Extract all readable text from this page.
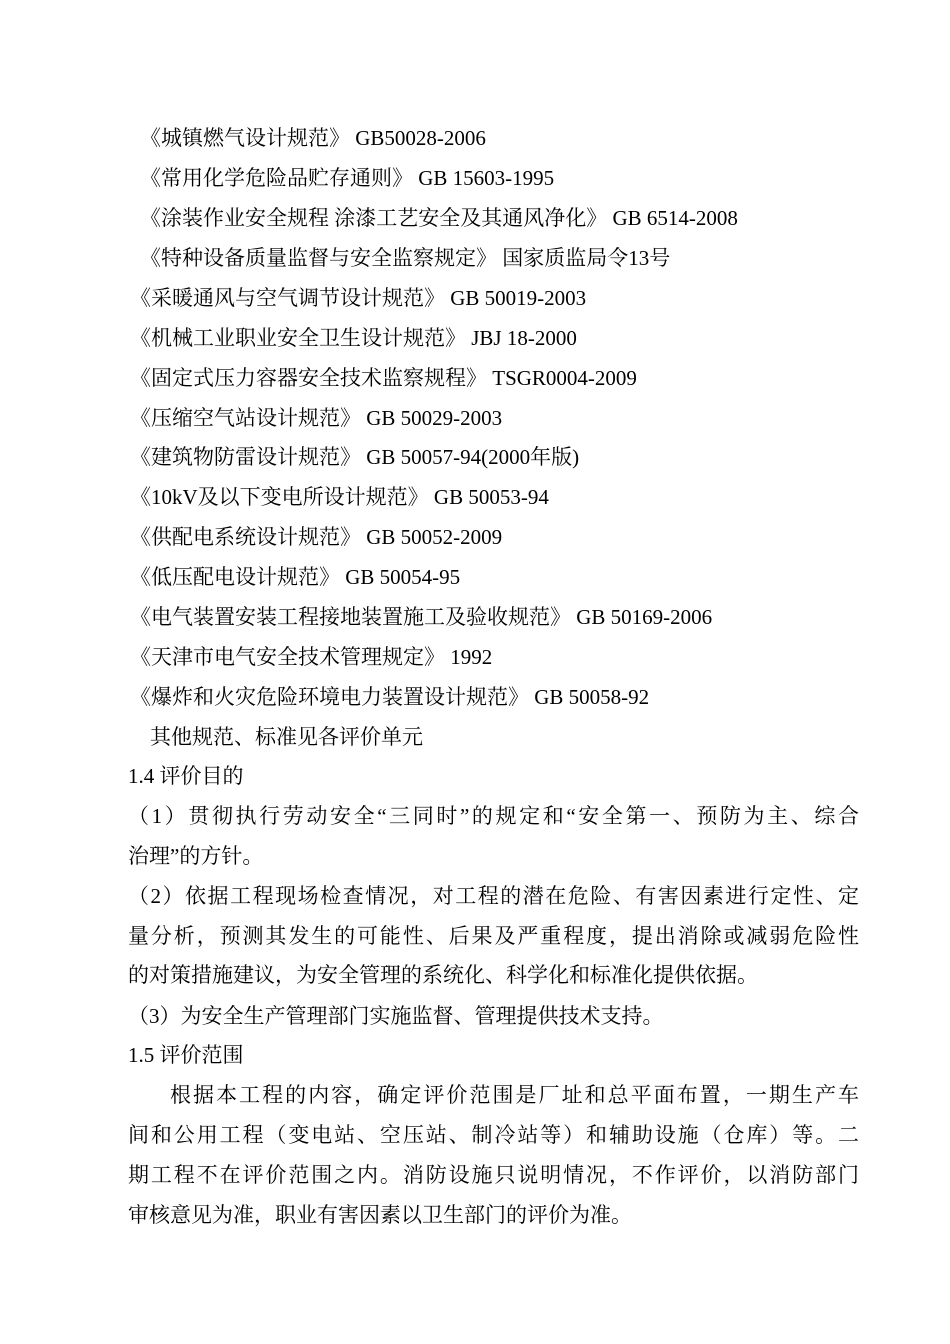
《城镇燃气设计规范》 GB50028-2006
《常用化学危险品贮存通则》 GB 15603-1995
《涂装作业安全规程 涂漆工艺安全及其通风净化》 GB 6514-2008
《特种设备质量监督与安全监察规定》 国家质监局令13号
《采暖通风与空气调节设计规范》 GB 50019-2003
《机械工业职业安全卫生设计规范》 JBJ 18-2000
《固定式压力容器安全技术监察规程》 TSGR0004-2009
《压缩空气站设计规范》 GB 50029-2003
《建筑物防雷设计规范》 GB 50057-94(2000年版)
《10kV及以下变电所设计规范》 GB 50053-94
《供配电系统设计规范》 GB 50052-2009
《低压配电设计规范》 GB 50054-95
《电气装置安装工程接地装置施工及验收规范》 GB 50169-2006
《天津市电气安全技术管理规定》 1992
《爆炸和火灾危险环境电力装置设计规范》 GB 50058-92
其他规范、标准见各评价单元
1.4 评价目的
（1）贯彻执行劳动安全“三同时”的规定和“安全第一、预防为主、综合
治理”的方针。
（2）依据工程现场检查情况，对工程的潜在危险、有害因素进行定性、定
量分析，预测其发生的可能性、后果及严重程度，提出消除或减弱危险性
的对策措施建议，为安全管理的系统化、科学化和标准化提供依据。
（3）为安全生产管理部门实施监督、管理提供技术支持。
1.5 评价范围
根据本工程的内容，确定评价范围是厂址和总平面布置，一期生产车
间和公用工程（变电站、空压站、制冷站等）和辅助设施（仓库）等。二
期工程不在评价范围之内。消防设施只说明情况，不作评价，以消防部门
审核意见为准，职业有害因素以卫生部门的评价为准。
